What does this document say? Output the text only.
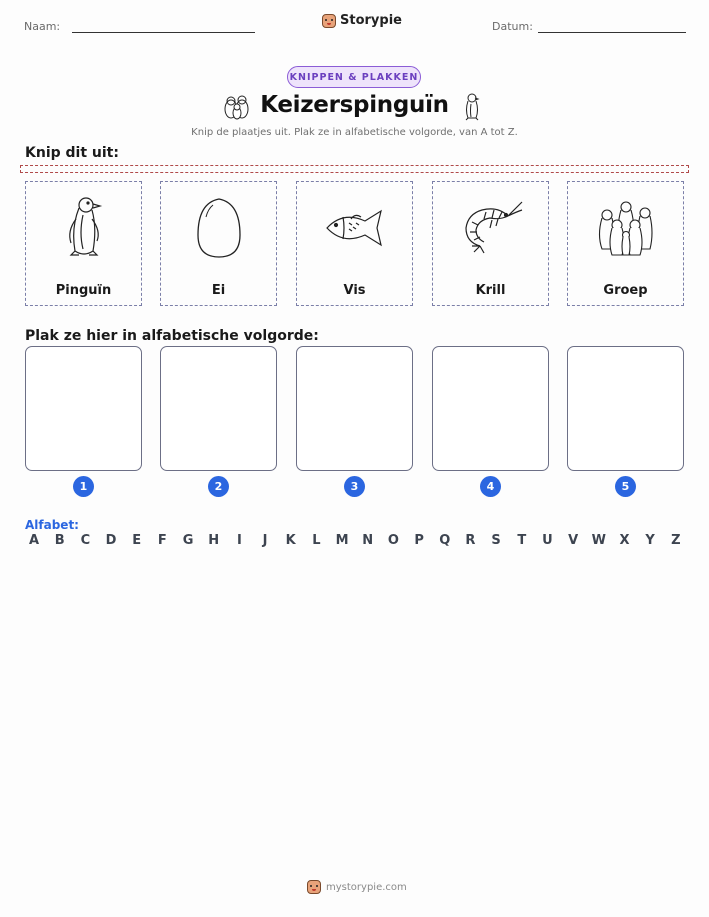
Naam:	Storypie	Datum:
KNIPPEN & PLAKKEN
Keizerspinguïn
Knip de plaatjes uit. Plak ze in alfabetische volgorde, van A tot Z.
Knip dit uit:
Pinguïn	Ei	Vis	Krill	Groep
Plak ze hier in alfabetische volgorde:
1	2	3	4	5
Alfabet:
A	B	C	D	E	F	G H	I	J	K	L	M N O	P	Q	R	S	T	U	V	W	X	Y	Z
mystorypie.com
